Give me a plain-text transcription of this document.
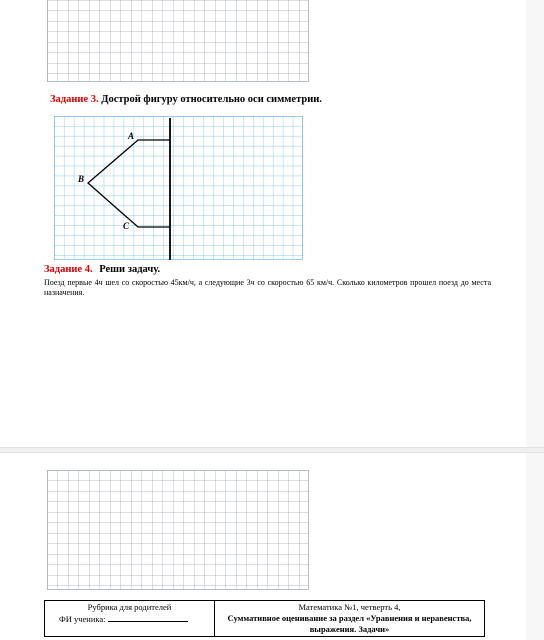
Задание 3. Дострой фигуру относительно оси симметрии.

A
B
C

Задание 4. Реши задачу.

Поезд первые 4ч шел со скоростью 45км/ч, а следующие 3ч со скоростью 65 км/ч. Сколько километров прошел поезд до места назначения.

Рубрика для родителей
ФИ ученика:

Математика №1, четверть 4,
Суммативное оценивание за раздел «Уравнения и неравенства, выражения. Задачи»
